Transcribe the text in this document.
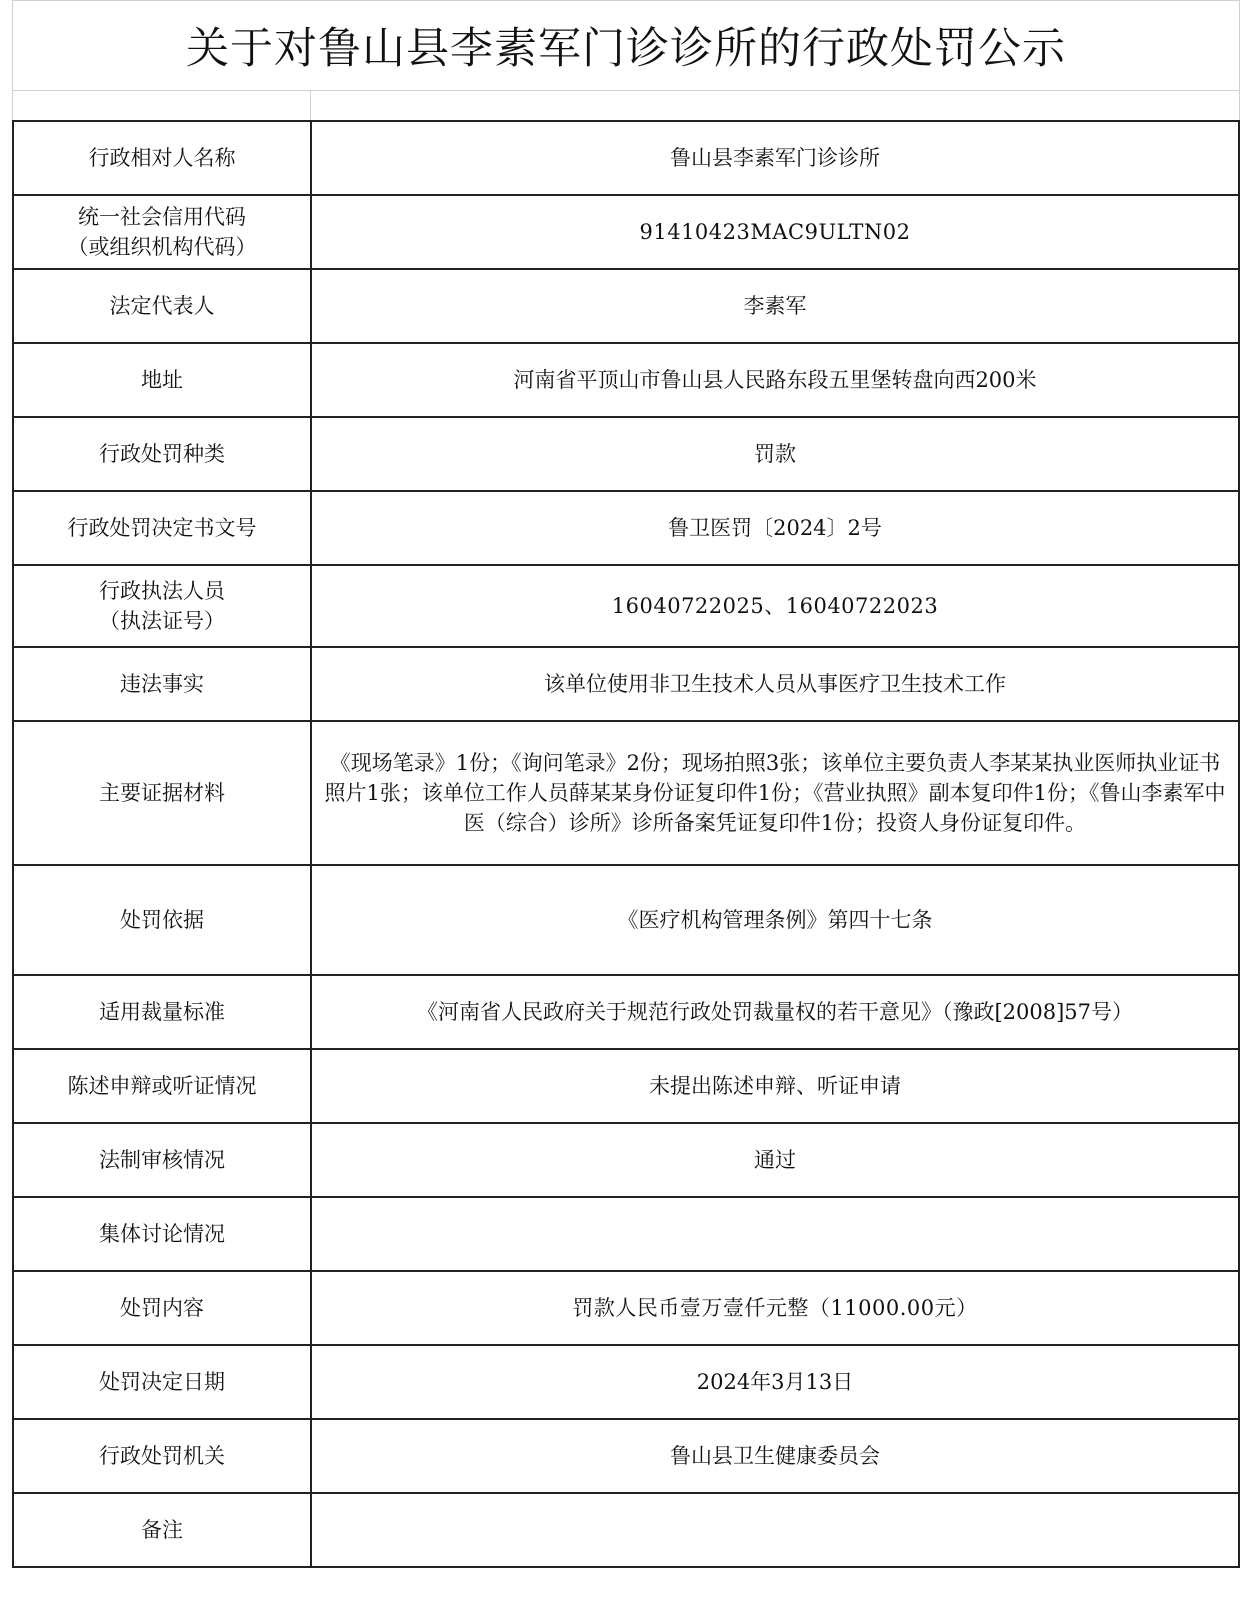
关于对鲁山县李素军门诊诊所的行政处罚公示
行政相对人名称	鲁山县李素军门诊诊所

统一社会信用代码
（或组织机构代码）	91410423MAC9ULTN02

法定代表人	李素军

地址	河南省平顶山市鲁山县人民路东段五里堡转盘向西200米

行政处罚种类	罚款

行政处罚决定书文号	鲁卫医罚〔2024〕2号

行政执法人员
（执法证号）	16040722025、16040722023

违法事实	该单位使用非卫生技术人员从事医疗卫生技术工作

主要证据材料	《现场笔录》1份；《询问笔录》2份；现场拍照3张；该单位主要负责人李某某执业医师执业证书照片1张；该单位工作人员薛某某身份证复印件1份；《营业执照》副本复印件1份；《鲁山李素军中医（综合）诊所》诊所备案凭证复印件1份；投资人身份证复印件。

处罚依据	《医疗机构管理条例》第四十七条

适用裁量标准	《河南省人民政府关于规范行政处罚裁量权的若干意见》（豫政[2008]57号）

陈述申辩或听证情况	未提出陈述申辩、听证申请

法制审核情况	通过

集体讨论情况	

处罚内容	罚款人民币壹万壹仟元整（11000.00元）

处罚决定日期	2024年3月13日

行政处罚机关	鲁山县卫生健康委员会

备注	
